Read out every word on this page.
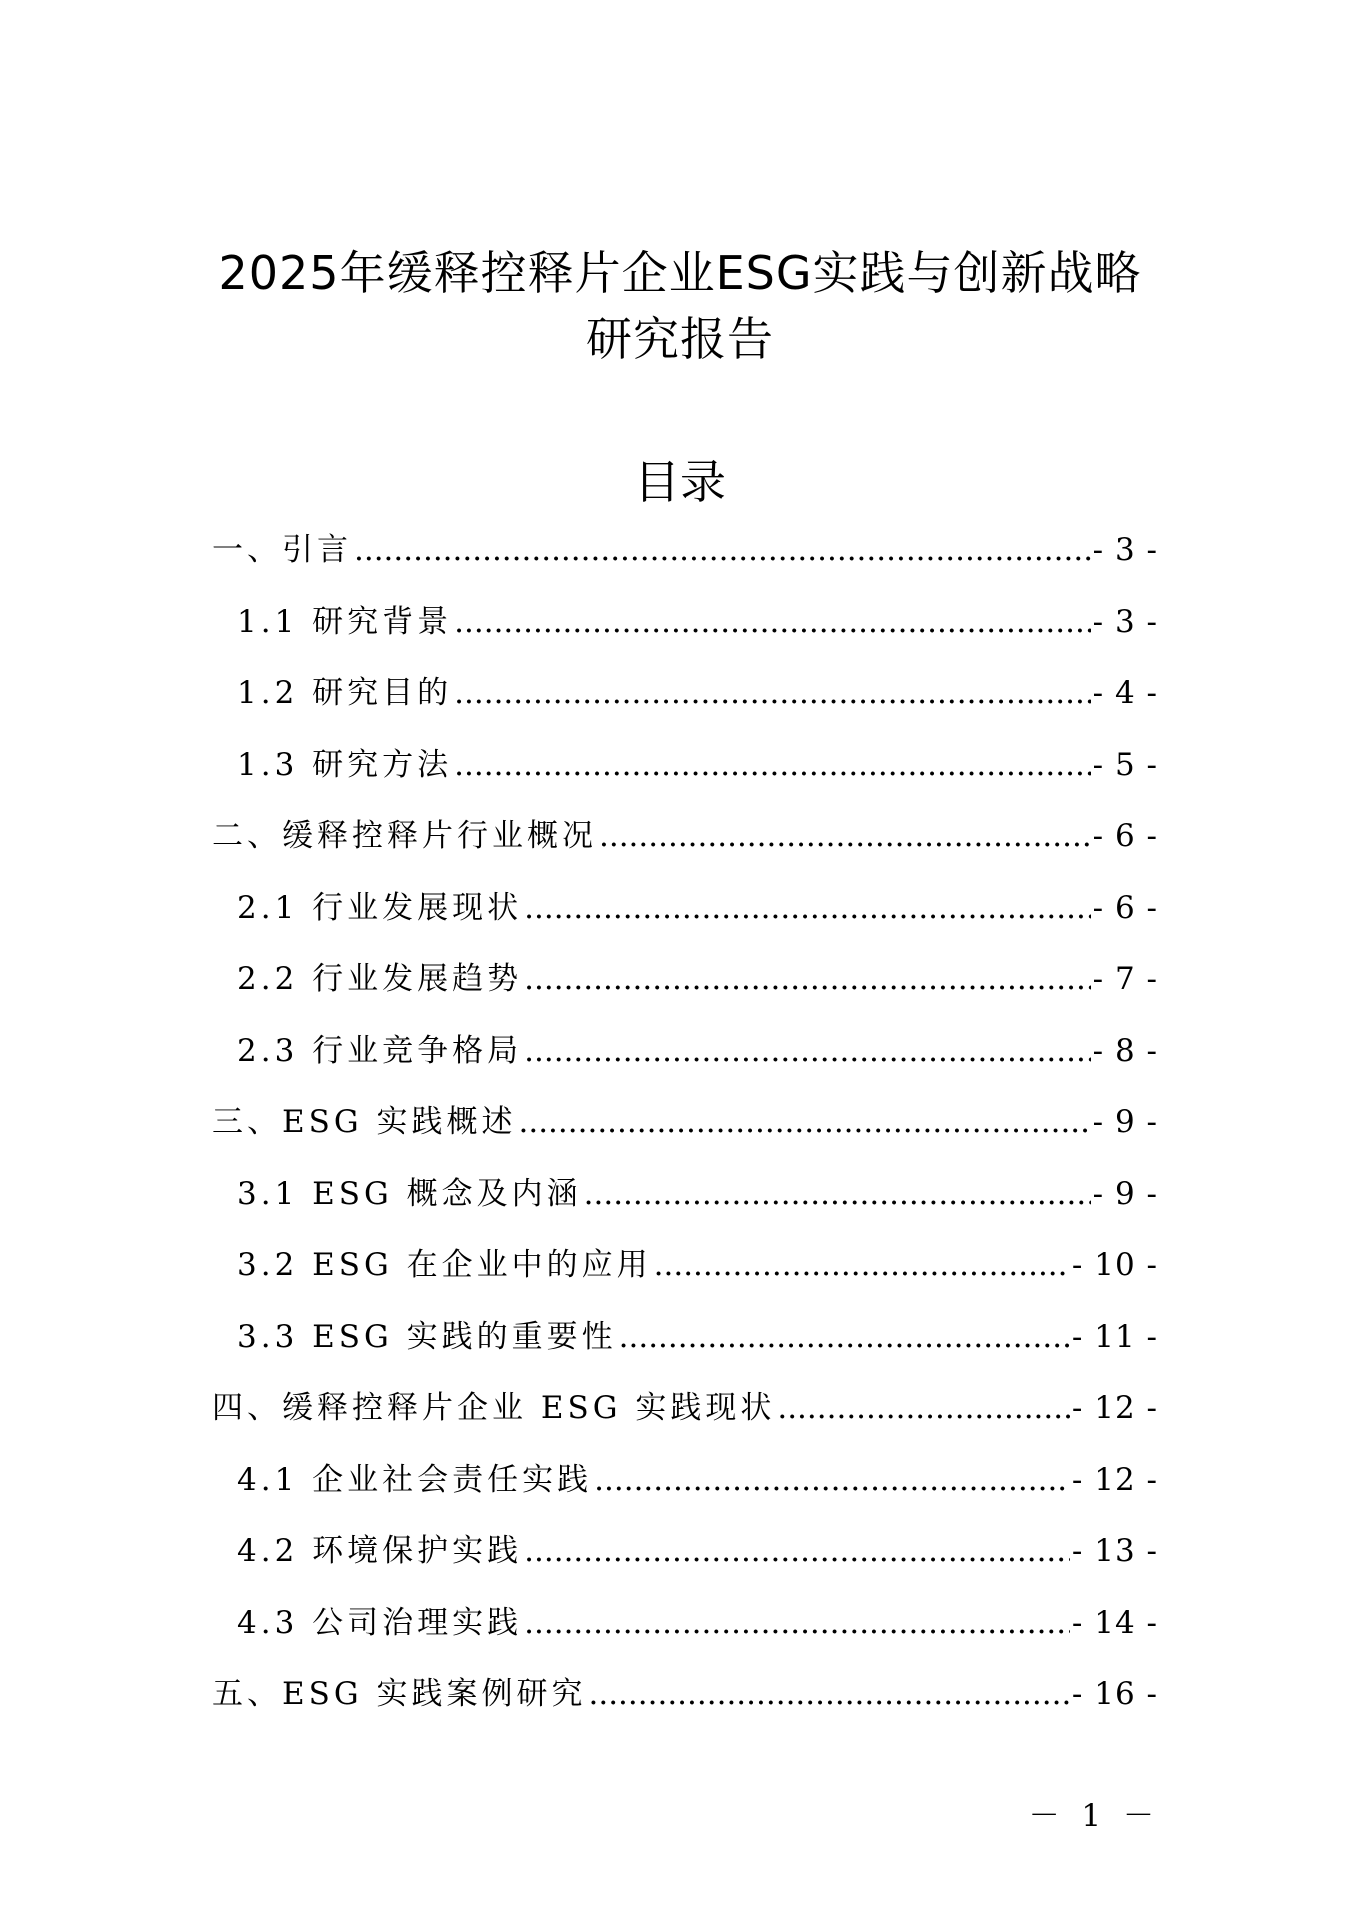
2025年缓释控释片企业ESG实践与创新战略
研究报告
目录
一、引言 .....	- 3 -
1.1 研究背景 .....	- 3 -
1.2 研究目的 .....	- 4 -
1.3 研究方法 .....	- 5 -
二、缓释控释片行业概况 .....	- 6 -
2.1 行业发展现状 .....	- 6 -
2.2 行业发展趋势 .....	- 7 -
2.3 行业竞争格局 .....	- 8 -
三、ESG 实践概述 .....	- 9 -
3.1 ESG 概念及内涵 .....	- 9 -
3.2 ESG 在企业中的应用 .....	- 10 -
3.3 ESG 实践的重要性 .....	- 11 -
四、缓释控释片企业 ESG 实践现状 .....	- 12 -
4.1 企业社会责任实践 .....	- 12 -
4.2 环境保护实践 .....	- 13 -
4.3 公司治理实践 .....	- 14 -
五、ESG 实践案例研究 .....	- 16 -
－ 1 －
